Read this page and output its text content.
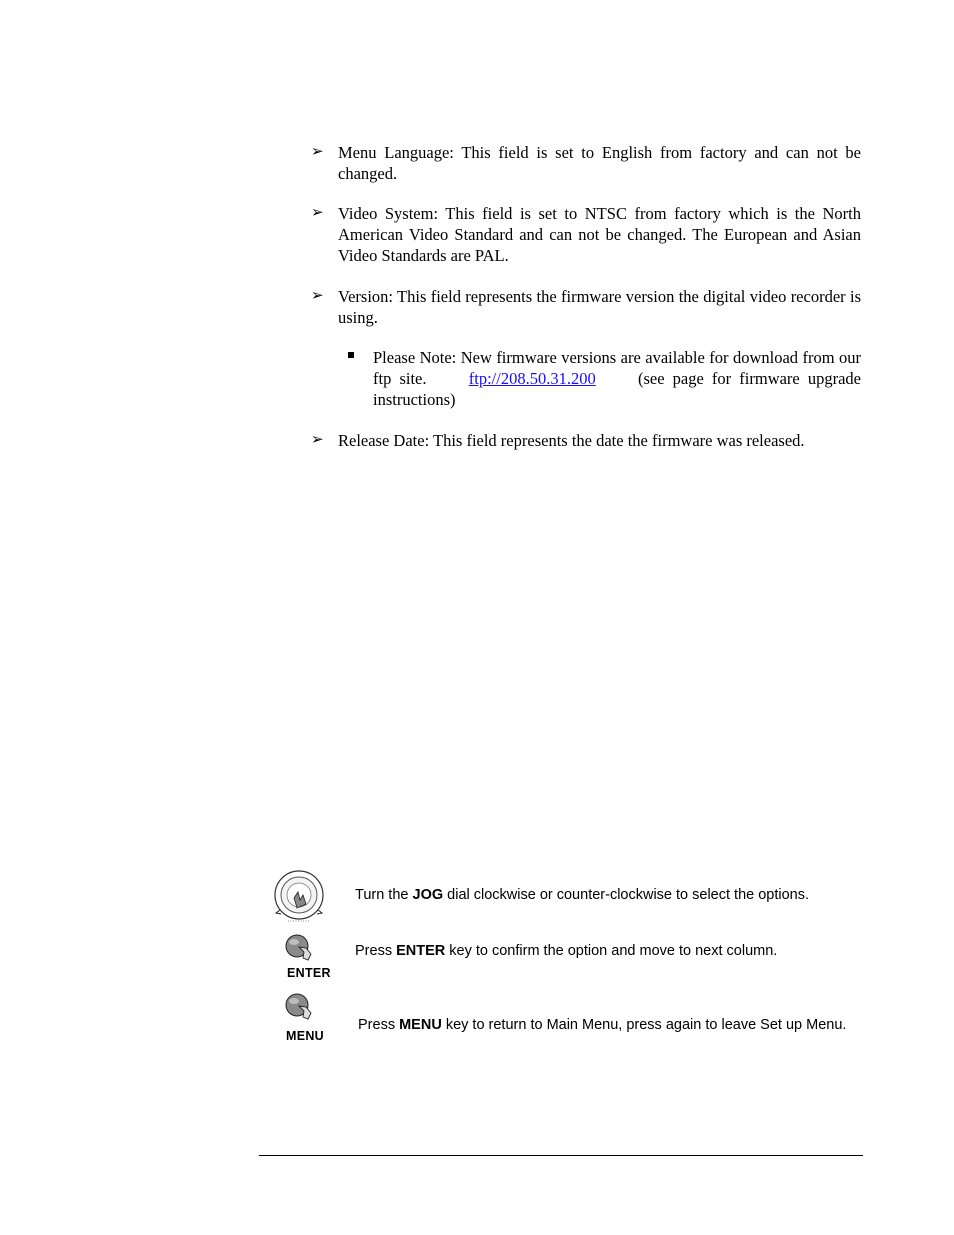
➢ Menu Language: This field is set to English from factory and can not be changed.
➢ Video System: This field is set to NTSC from factory which is the North American Video Standard and can not be changed. The European and Asian Video Standards are PAL.
➢ Version: This field represents the firmware version the digital video recorder is using.
Please Note: New firmware versions are available for download from our ftp site.	ftp://208.50.31.200	(see page for firmware upgrade instructions)
➢ Release Date: This field represents the date the firmware was released.
Turn the JOG dial clockwise or counter-clockwise to select the options.
ENTER
Press ENTER key to confirm the option and move to next column.
MENU
Press MENU key to return to Main Menu, press again to leave Set up Menu.
